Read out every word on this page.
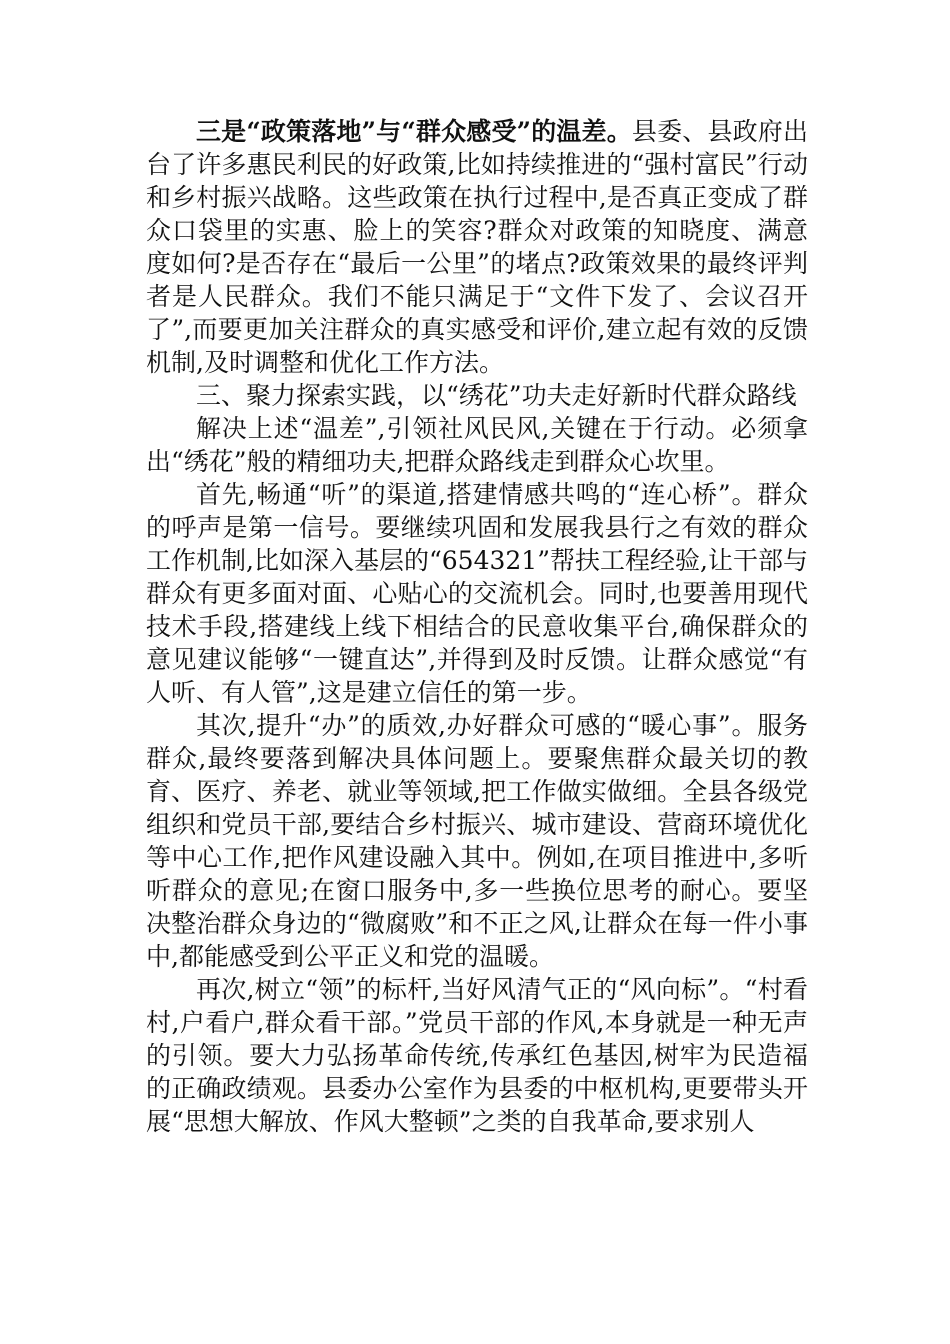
三是“政策落地”与“群众感受”的温差。县委、县政府出台了许多惠民利民的好政策,比如持续推进的“强村富民”行动和乡村振兴战略。这些政策在执行过程中,是否真正变成了群众口袋里的实惠、脸上的笑容?群众对政策的知晓度、满意度如何?是否存在“最后一公里”的堵点?政策效果的最终评判者是人民群众。我们不能只满足于“文件下发了、会议召开了”,而要更加关注群众的真实感受和评价,建立起有效的反馈机制,及时调整和优化工作方法。

三、聚力探索实践，以“绣花”功夫走好新时代群众路线

解决上述“温差”,引领社风民风,关键在于行动。必须拿出“绣花”般的精细功夫,把群众路线走到群众心坎里。

首先,畅通“听”的渠道,搭建情感共鸣的“连心桥”。群众的呼声是第一信号。要继续巩固和发展我县行之有效的群众工作机制,比如深入基层的“654321”帮扶工程经验,让干部与群众有更多面对面、心贴心的交流机会。同时,也要善用现代技术手段,搭建线上线下相结合的民意收集平台,确保群众的意见建议能够“一键直达”,并得到及时反馈。让群众感觉“有人听、有人管”,这是建立信任的第一步。

其次,提升“办”的质效,办好群众可感的“暖心事”。服务群众,最终要落到解决具体问题上。要聚焦群众最关切的教育、医疗、养老、就业等领域,把工作做实做细。全县各级党组织和党员干部,要结合乡村振兴、城市建设、营商环境优化等中心工作,把作风建设融入其中。例如,在项目推进中,多听听群众的意见;在窗口服务中,多一些换位思考的耐心。要坚决整治群众身边的“微腐败”和不正之风,让群众在每一件小事中,都能感受到公平正义和党的温暖。

再次,树立“领”的标杆,当好风清气正的“风向标”。“村看村,户看户,群众看干部。”党员干部的作风,本身就是一种无声的引领。要大力弘扬革命传统,传承红色基因,树牢为民造福的正确政绩观。县委办公室作为县委的中枢机构,更要带头开展“思想大解放、作风大整顿”之类的自我革命,要求别人
